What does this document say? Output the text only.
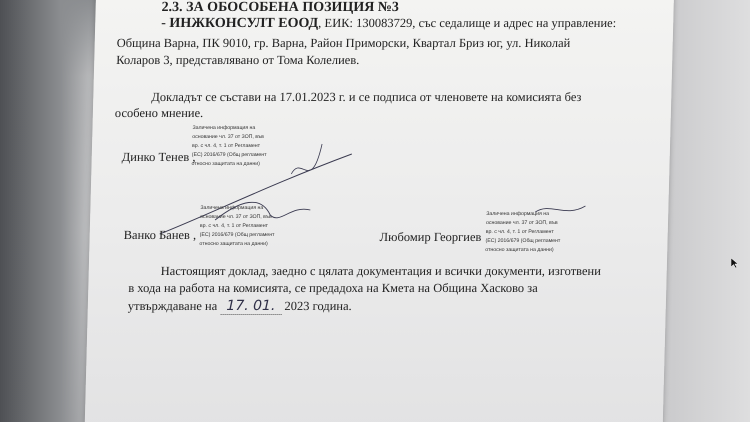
2.3. ЗА ОБОСОБЕНА ПОЗИЦИЯ №3
- ИНЖКОНСУЛТ ЕООД, ЕИК: 130083729, със седалище и адрес на управление:
Община Варна, ПК 9010, гр. Варна, Район Приморски, Квартал Бриз юг, ул. Николай
Коларов 3, представлявано от Тома Колелиев.
Докладът се състави на 17.01.2023 г. и се подписа от членовете на комисията без
особено мнение.
Динко Тенев ,
Заличена информация на
основание чл. 37 от ЗОП, във
вр. с чл. 4, т. 1 от Регламент
(ЕС) 2016/679 (Общ регламент
относно защитата на данни)
Ванко Банев ,
Заличена информация на
основание чл. 37 от ЗОП, във
вр. с чл. 4, т. 1 от Регламент
(ЕС) 2016/679 (Общ регламент
относно защитата на данни)	Любомир Георгиев
Заличена информация на
основание чл. 37 от ЗОП, във
вр. с чл. 4, т. 1 от Регламент
(ЕС) 2016/679 (Общ регламент
относно защитата на данни)
Настоящият доклад, заедно с цялата документация и всички документи, изготвени
в хода на работа на комисията, се предадоха на Кмета на Община Хасково за
утвърждаване на 17. 01. 2023 година.
